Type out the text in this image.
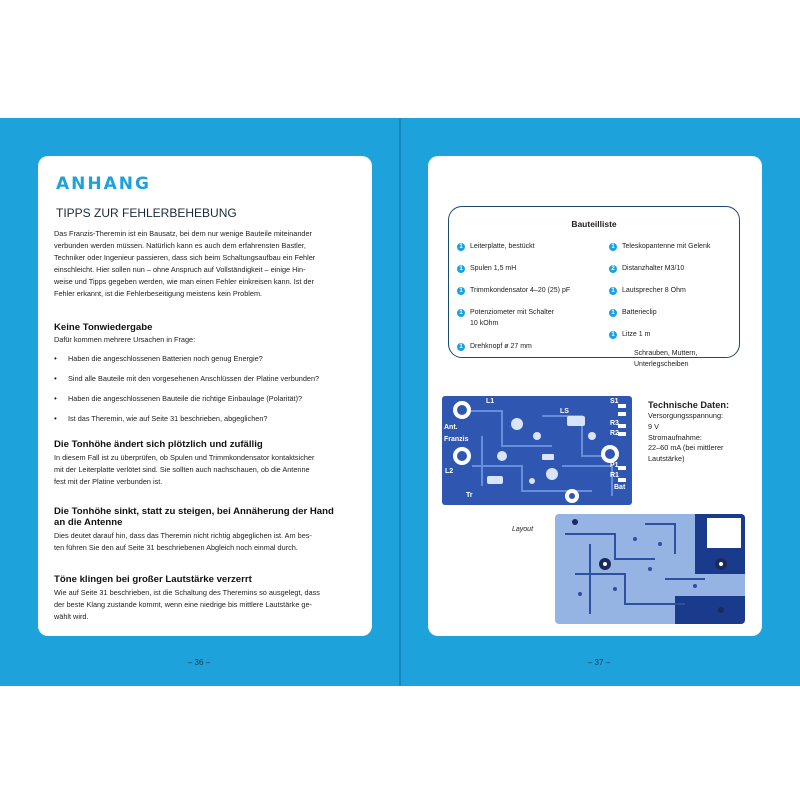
ANHANG
TIPPS ZUR FEHLERBEHEBUNG
Das Franzis-Theremin ist ein Bausatz, bei dem nur wenige Bauteile miteinander
verbunden werden müssen. Natürlich kann es auch dem erfahrensten Bastler,
Techniker oder Ingenieur passieren, dass sich beim Schaltungsaufbau ein Fehler
einschleicht. Hier sollen nun – ohne Anspruch auf Vollständigkeit – einige Hin-
weise und Tipps gegeben werden, wie man einen Fehler einkreisen kann. Ist der
Fehler erkannt, ist die Fehlerbeseitigung meistens kein Problem.
Keine Tonwiedergabe
Dafür kommen mehrere Ursachen in Frage:
•	Haben die angeschlossenen Batterien noch genug Energie?
•	Sind alle Bauteile mit den vorgesehenen Anschlüssen der Platine verbunden?
•	Haben die angeschlossenen Bauteile die richtige Einbaulage (Polarität)?
•	Ist das Theremin, wie auf Seite 31 beschrieben, abgeglichen?
Die Tonhöhe ändert sich plötzlich und zufällig
In diesem Fall ist zu überprüfen, ob Spulen und Trimmkondensator kontaktsicher
mit der Leiterplatte verlötet sind. Sie sollten auch nachschauen, ob die Antenne
fest mit der Platine verbunden ist.
Die Tonhöhe sinkt, statt zu steigen, bei Annäherung der Hand
an die Antenne
Dies deutet darauf hin, dass das Theremin nicht richtig abgeglichen ist. Am bes-
ten führen Sie den auf Seite 31 beschriebenen Abgleich noch einmal durch.
Töne klingen bei großer Lautstärke verzerrt
Wie auf Seite 31 beschrieben, ist die Schaltung des Theremins so ausgelegt, dass
der beste Klang zustande kommt, wenn eine niedrige bis mittlere Lautstärke ge-
wählt wird.
Bauteilliste
1	Leiterplatte, bestückt
1	Spulen 1,5 mH
1	Trimmkondensator 4–20 (25) pF
1	Potenziometer mit Schalter
10 kOhm
1	Drehknopf ø 27 mm
1	Teleskopantenne mit Gelenk
2	Distanzhalter M3/10
1	Lautsprecher 8 Ohm
1	Batterieclip
1	Litze 1 m
Schrauben, Muttern,
Unterlegscheiben
L1
Ant.
Franzis
L2
S1
LS
R3
R2
P1
R1
Bat
Tr
Technische Daten:
Versorgungsspannung:
9 V
Stromaufnahme:
22–60 mA (bei mittlerer
Lautstärke)
Layout
– 36 –	– 37 –
